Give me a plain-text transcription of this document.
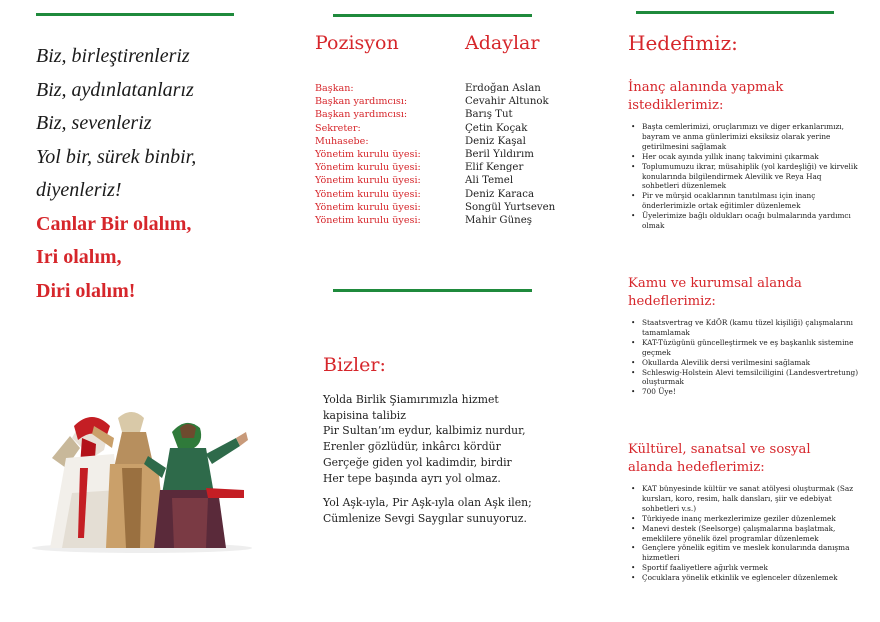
Biz, birleştirenleriz
Biz, aydınlatanlarız
Biz, sevenleriz
Yol bir, sürek binbir,
diyenleriz!
Canlar Bir olalım,
Iri olalım,
Diri olalım!
Pozisyon	Adaylar
Başkan:
Başkan yardımcısı:
Başkan yardımcısı:
Sekreter:
Muhasebe:
Yönetim kurulu üyesi:
Yönetim kurulu üyesi:
Yönetim kurulu üyesi:
Yönetim kurulu üyesi:
Yönetim kurulu üyesi:
Yönetim kurulu üyesi:
Erdoğan Aslan
Cevahir Altunok
Barış Tut
Çetin Koçak
Deniz Kaşal
Beril Yıldırım
Elif Kenger
Ali Temel
Deniz Karaca
Songül Yurtseven
Mahir Güneş
Bizler:
Yolda Birlik Şiamırımızla hizmet
kapisina talibiz
Pir Sultan’ım eydur, kalbimiz nurdur,
Erenler gözlüdür, inkârcı kördür
Gerçeğe giden yol kadimdir, birdir
Her tepe başında ayrı yol olmaz.
Yol Aşk-ıyla, Pir Aşk-ıyla olan Aşk ilen;
Cümlenize Sevgi Saygılar sunuyoruz.
Hedefimiz:
İnanç alanında yapmak istediklerimiz:
• Başta cemlerimizi, oruçlarımızı ve diger erkanlarımızı, bayram ve anma günlerimizi eksiksiz olarak yerine getirilmesini sağlamak
• Her ocak ayında yıllık inanç takvimini çıkarmak
• Toplumumuzu ikrar, müsahiplik (yol kardeşliği) ve kirvelik konularında bilgilendirmek Alevilik ve Reya Haq sohbetleri düzenlemek
• Pir ve mürşid ocaklarının tanıtılması için inanç önderlerimizle ortak eğitimler düzenlemek
• Üyelerimize bağlı oldukları ocağı bulmalarında yardımcı olmak
Kamu ve kurumsal alanda hedeflerimiz:
• Staatsvertrag ve KdÖR (kamu tüzel kişiliği) çalışmalarını tamamlamak
• KAT-Tüzügünü güncelleştirmek ve eş başkanlık sistemine geçmek
• Okullarda Alevilik dersi verilmesini sağlamak
• Schleswig-Holstein Alevi temsilciligini (Landesvertretung) oluşturmak
• 700 Üye!
Kültürel, sanatsal ve sosyal alanda hedeflerimiz:
• KAT bünyesinde kültür ve sanat atölyesi oluşturmak (Saz kursları, koro, resim, halk dansları, şiir ve edebiyat sohbetleri v.s.)
• Türkiyede inanç merkezlerimize geziler düzenlemek
• Manevi destek (Seelsorge) çalışmalarına başlatmak, emeklilere yönelik özel programlar düzenlemek
• Gençlere yönelik egitim ve meslek konularında danışma hizmetleri
• Sportif faaliyetlere ağırlık vermek
• Çocuklara yönelik etkinlik ve eglenceler düzenlemek
